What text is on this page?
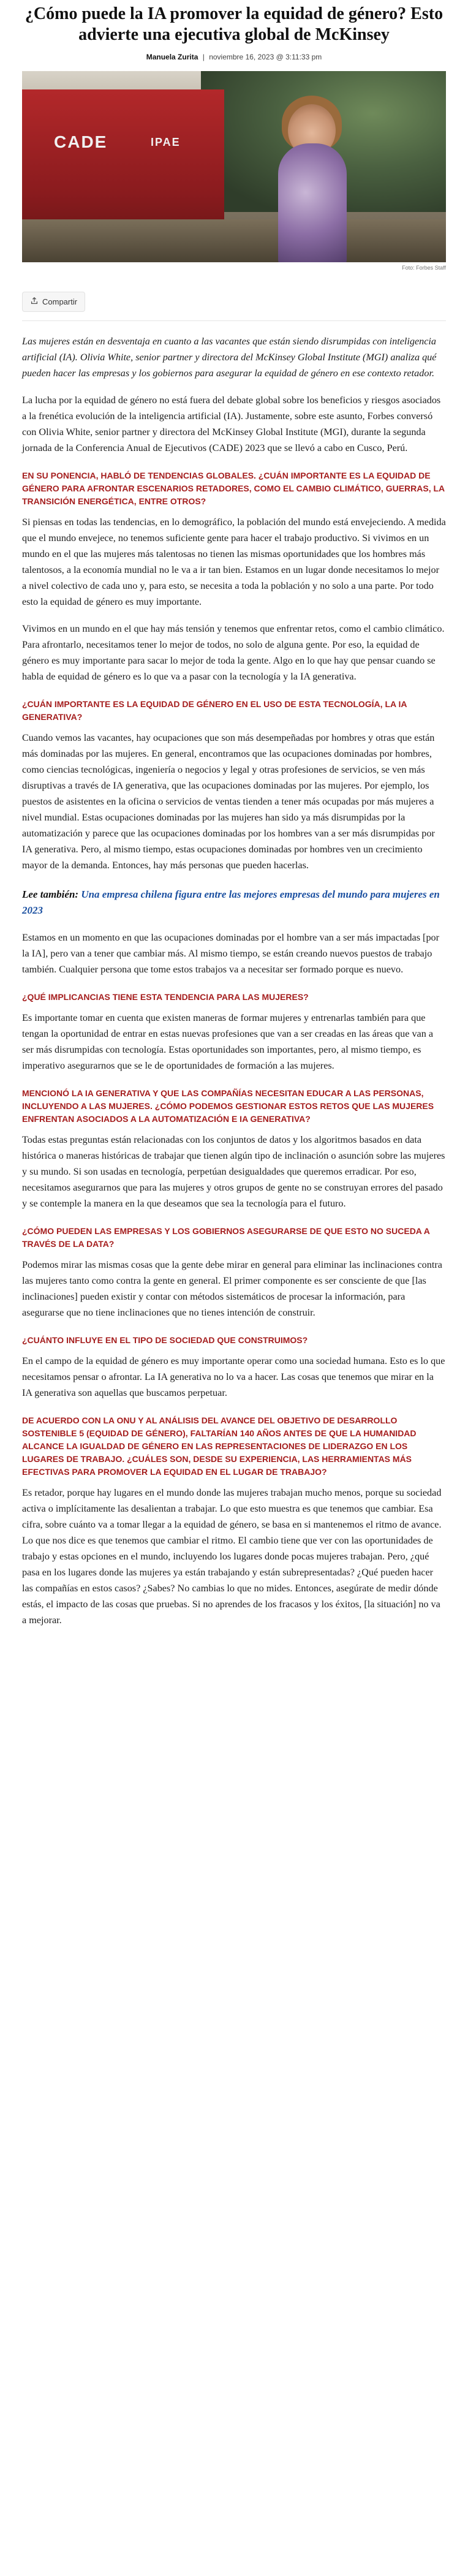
¿Cómo puede la IA promover la equidad de género? Esto advierte una ejecutiva global de McKinsey
Manuela Zurita | noviembre 16, 2023 @ 3:11:33 pm
CADE	IPAE
Foto: Forbes Staff
Compartir

Las mujeres están en desventaja en cuanto a las vacantes que están siendo disrumpidas con inteligencia artificial (IA). Olivia White, senior partner y directora del McKinsey Global Institute (MGI) analiza qué pueden hacer las empresas y los gobiernos para asegurar la equidad de género en ese contexto retador.

La lucha por la equidad de género no está fuera del debate global sobre los beneficios y riesgos asociados a la frenética evolución de la inteligencia artificial (IA). Justamente, sobre este asunto, Forbes conversó con Olivia White, senior partner y directora del McKinsey Global Institute (MGI), durante la segunda jornada de la Conferencia Anual de Ejecutivos (CADE) 2023 que se llevó a cabo en Cusco, Perú.

EN SU PONENCIA, HABLÓ DE TENDENCIAS GLOBALES. ¿CUÁN IMPORTANTE ES LA EQUIDAD DE GÉNERO PARA AFRONTAR ESCENARIOS RETADORES, COMO EL CAMBIO CLIMÁTICO, GUERRAS, LA TRANSICIÓN ENERGÉTICA, ENTRE OTROS?

Si piensas en todas las tendencias, en lo demográfico, la población del mundo está envejeciendo. A medida que el mundo envejece, no tenemos suficiente gente para hacer el trabajo productivo. Si vivimos en un mundo en el que las mujeres más talentosas no tienen las mismas oportunidades que los hombres más talentosos, a la economía mundial no le va a ir tan bien. Estamos en un lugar donde necesitamos lo mejor a nivel colectivo de cada uno y, para esto, se necesita a toda la población y no solo a una parte. Por todo esto la equidad de género es muy importante.

Vivimos en un mundo en el que hay más tensión y tenemos que enfrentar retos, como el cambio climático. Para afrontarlo, necesitamos tener lo mejor de todos, no solo de alguna gente. Por eso, la equidad de género es muy importante para sacar lo mejor de toda la gente. Algo en lo que hay que pensar cuando se habla de equidad de género es lo que va a pasar con la tecnología y la IA generativa.

¿CUÁN IMPORTANTE ES LA EQUIDAD DE GÉNERO EN EL USO DE ESTA TECNOLOGÍA, LA IA GENERATIVA?

Cuando vemos las vacantes, hay ocupaciones que son más desempeñadas por hombres y otras que están más dominadas por las mujeres. En general, encontramos que las ocupaciones dominadas por hombres, como ciencias tecnológicas, ingeniería o negocios y legal y otras profesiones de servicios, se ven más disruptivas a través de IA generativa, que las ocupaciones dominadas por las mujeres. Por ejemplo, los puestos de asistentes en la oficina o servicios de ventas tienden a tener más ocupadas por más mujeres a nivel mundial. Estas ocupaciones dominadas por las mujeres han sido ya más disrumpidas por la automatización y parece que las ocupaciones dominadas por los hombres van a ser más disrumpidas por IA generativa. Pero, al mismo tiempo, estas ocupaciones dominadas por hombres ven un crecimiento mayor de la demanda. Entonces, hay más personas que pueden hacerlas.

Lee también: Una empresa chilena figura entre las mejores empresas del mundo para mujeres en 2023

Estamos en un momento en que las ocupaciones dominadas por el hombre van a ser más impactadas [por la IA], pero van a tener que cambiar más. Al mismo tiempo, se están creando nuevos puestos de trabajo también. Cualquier persona que tome estos trabajos va a necesitar ser formado porque es nuevo.

¿QUÉ IMPLICANCIAS TIENE ESTA TENDENCIA PARA LAS MUJERES?

Es importante tomar en cuenta que existen maneras de formar mujeres y entrenarlas también para que tengan la oportunidad de entrar en estas nuevas profesiones que van a ser creadas en las áreas que van a ser más disrumpidas con tecnología. Estas oportunidades son importantes, pero, al mismo tiempo, es imperativo asegurarnos que se le de oportunidades de formación a las mujeres.

MENCIONÓ LA IA GENERATIVA Y QUE LAS COMPAÑÍAS NECESITAN EDUCAR A LAS PERSONAS, INCLUYENDO A LAS MUJERES. ¿CÓMO PODEMOS GESTIONAR ESTOS RETOS QUE LAS MUJERES ENFRENTAN ASOCIADOS A LA AUTOMATIZACIÓN E IA GENERATIVA?

Todas estas preguntas están relacionadas con los conjuntos de datos y los algoritmos basados en data histórica o maneras históricas de trabajar que tienen algún tipo de inclinación o asunción sobre las mujeres y su mundo. Si son usadas en tecnología, perpetúan desigualdades que queremos erradicar. Por eso, necesitamos asegurarnos que para las mujeres y otros grupos de gente no se construyan errores del pasado y se contemple la manera en la que deseamos que sea la tecnología para el futuro.

¿CÓMO PUEDEN LAS EMPRESAS Y LOS GOBIERNOS ASEGURARSE DE QUE ESTO NO SUCEDA A TRAVÉS DE LA DATA?

Podemos mirar las mismas cosas que la gente debe mirar en general para eliminar las inclinaciones contra las mujeres tanto como contra la gente en general. El primer componente es ser consciente de que [las inclinaciones] pueden existir y contar con métodos sistemáticos de procesar la información, para asegurarse que no tiene inclinaciones que no tienes intención de construir.

¿CUÁNTO INFLUYE EN EL TIPO DE SOCIEDAD QUE CONSTRUIMOS?

En el campo de la equidad de género es muy importante operar como una sociedad humana. Esto es lo que necesitamos pensar o afrontar. La IA generativa no lo va a hacer. Las cosas que tenemos que mirar en la IA generativa son aquellas que buscamos perpetuar.

DE ACUERDO CON LA ONU Y AL ANÁLISIS DEL AVANCE DEL OBJETIVO DE DESARROLLO SOSTENIBLE 5 (EQUIDAD DE GÉNERO), FALTARÍAN 140 AÑOS ANTES DE QUE LA HUMANIDAD ALCANCE LA IGUALDAD DE GÉNERO EN LAS REPRESENTACIONES DE LIDERAZGO EN LOS LUGARES DE TRABAJO. ¿CUÁLES SON, DESDE SU EXPERIENCIA, LAS HERRAMIENTAS MÁS EFECTIVAS PARA PROMOVER LA EQUIDAD EN EL LUGAR DE TRABAJO?

Es retador, porque hay lugares en el mundo donde las mujeres trabajan mucho menos, porque su sociedad activa o implícitamente las desalientan a trabajar. Lo que esto muestra es que tenemos que cambiar. Esa cifra, sobre cuánto va a tomar llegar a la equidad de género, se basa en si mantenemos el ritmo de avance. Lo que nos dice es que tenemos que cambiar el ritmo. El cambio tiene que ver con las oportunidades de trabajo y estas opciones en el mundo, incluyendo los lugares donde pocas mujeres trabajan. Pero, ¿qué pasa en los lugares donde las mujeres ya están trabajando y están subrepresentadas? ¿Qué pueden hacer las compañías en estos casos? ¿Sabes? No cambias lo que no mides. Entonces, asegúrate de medir dónde estás, el impacto de las cosas que pruebas. Si no aprendes de los fracasos y los éxitos, [la situación] no va a mejorar.
